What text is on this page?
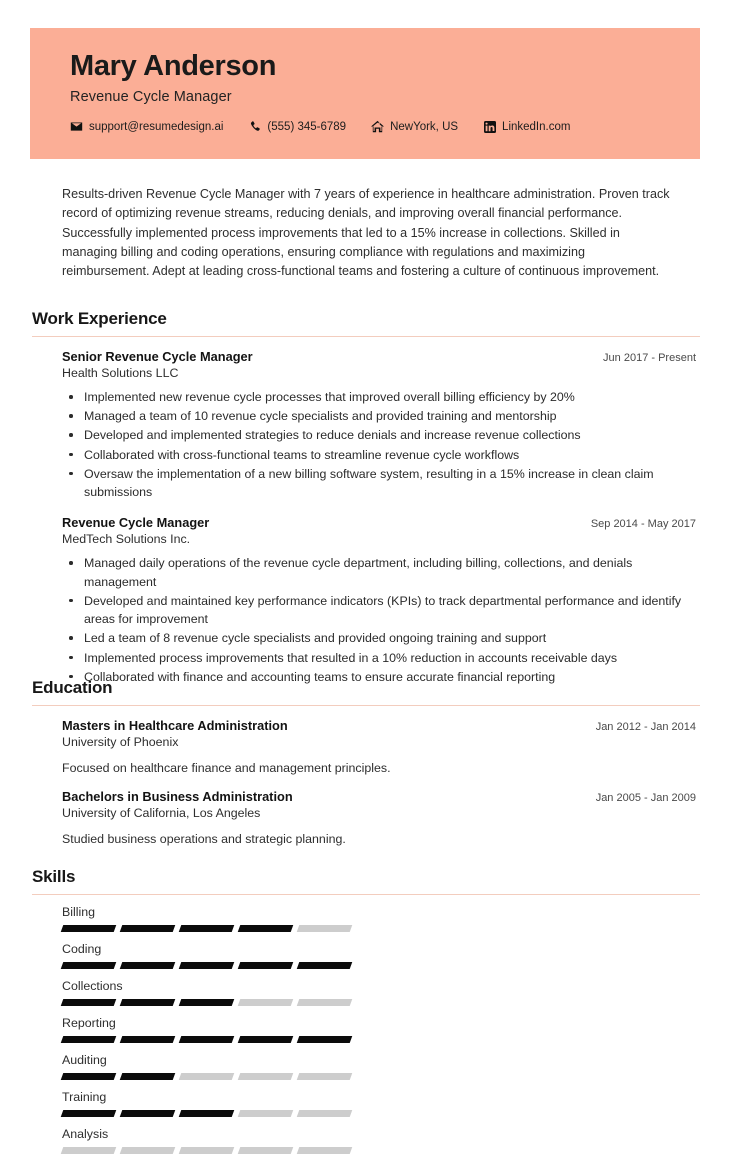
Mary Anderson
Revenue Cycle Manager
support@resumedesign.ai	(555) 345-6789	NewYork, US	LinkedIn.com
Results-driven Revenue Cycle Manager with 7 years of experience in healthcare administration. Proven track record of optimizing revenue streams, reducing denials, and improving overall financial performance. Successfully implemented process improvements that led to a 15% increase in collections. Skilled in managing billing and coding operations, ensuring compliance with regulations and maximizing reimbursement. Adept at leading cross-functional teams and fostering a culture of continuous improvement.
Work Experience
Senior Revenue Cycle Manager	Jun 2017 - Present
Health Solutions LLC
Implemented new revenue cycle processes that improved overall billing efficiency by 20%
Managed a team of 10 revenue cycle specialists and provided training and mentorship
Developed and implemented strategies to reduce denials and increase revenue collections
Collaborated with cross-functional teams to streamline revenue cycle workflows
Oversaw the implementation of a new billing software system, resulting in a 15% increase in clean claim submissions
Revenue Cycle Manager	Sep 2014 - May 2017
MedTech Solutions Inc.
Managed daily operations of the revenue cycle department, including billing, collections, and denials management
Developed and maintained key performance indicators (KPIs) to track departmental performance and identify areas for improvement
Led a team of 8 revenue cycle specialists and provided ongoing training and support
Implemented process improvements that resulted in a 10% reduction in accounts receivable days
Collaborated with finance and accounting teams to ensure accurate financial reporting
Education
Masters in Healthcare Administration	Jan 2012 - Jan 2014
University of Phoenix
Focused on healthcare finance and management principles.
Bachelors in Business Administration	Jan 2005 - Jan 2009
University of California, Los Angeles
Studied business operations and strategic planning.
Skills
Billing
Coding
Collections
Reporting
Auditing
Training
Analysis
